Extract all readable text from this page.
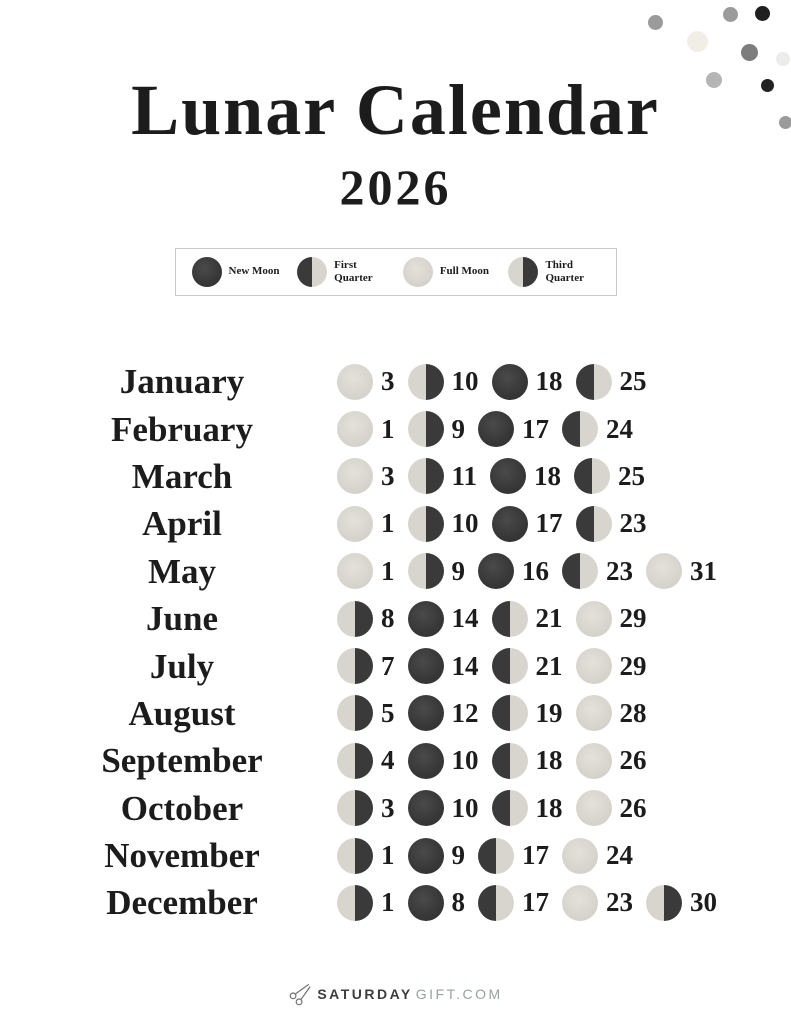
Lunar Calendar
2026
New Moon
First Quarter
Full Moon
Third Quarter
January	3 10 18 25
February	1 9 17 24
March	3 11 18 25
April	1 10 17 23
May	1 9 16 23 31
June	8 14 21 29
July	7 14 21 29
August	5 12 19 28
September	4 10 18 26
October	3 10 18 26
November	1 9 17 24
December	1 8 17 23 30
SATURDAY GIFT.COM
